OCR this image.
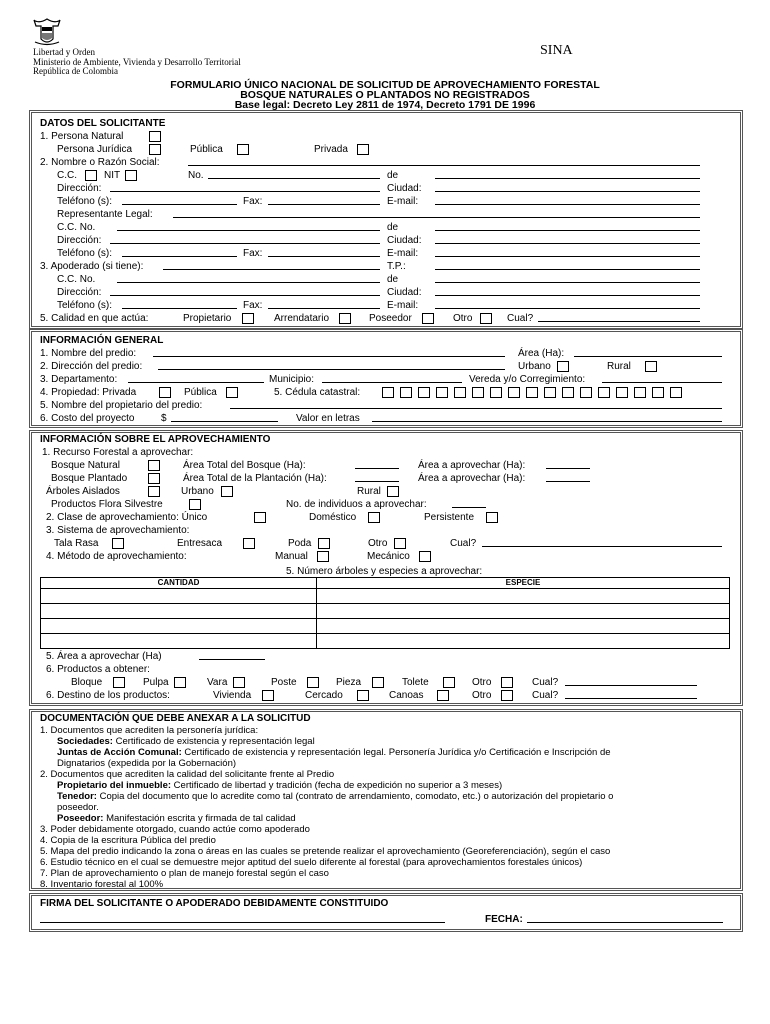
Libertad y Orden
Ministerio de Ambiente, Vivienda y Desarrollo Territorial
República de Colombia
SINA
FORMULARIO ÚNICO NACIONAL DE SOLICITUD DE APROVECHAMIENTO FORESTAL
BOSQUE NATURALES O PLANTADOS NO REGISTRADOS
Base legal: Decreto Ley 2811 de 1974, Decreto 1791 DE 1996
DATOS DEL SOLICITANTE
1. Persona Natural
Persona Jurídica	Pública	Privada
2. Nombre o Razón Social:
C.C.	NIT	No.	de
Dirección:	Ciudad:
Teléfono (s):	Fax:	E-mail:
Representante Legal:
C.C. No.	de
Dirección:	Ciudad:
Teléfono (s):	Fax:	E-mail:
3. Apoderado (si tiene):	T.P.:
C.C. No.	de
Dirección:	Ciudad:
Teléfono (s):	Fax:	E-mail:
5. Calidad en que actúa:	Propietario	Arrendatario	Poseedor	Otro	Cual?
INFORMACIÓN GENERAL
1. Nombre del predio:	Área (Ha):
2. Dirección del predio:	Urbano	Rural
3. Departamento:	Municipio:	Vereda y/o Corregimiento:
4. Propiedad: Privada	Pública	5. Cédula catastral:
5. Nombre del propietario del predio:
6. Costo del proyecto	$	Valor en letras
INFORMACIÓN SOBRE EL APROVECHAMIENTO
1. Recurso Forestal a aprovechar:
Bosque Natural	Área Total del Bosque (Ha):	Área a aprovechar (Ha):
Bosque Plantado	Área Total de la Plantación (Ha):	Área a aprovechar (Ha):
Árboles Aislados	Urbano	Rural
Productos Flora Silvestre	No. de individuos a aprovechar:
2. Clase de aprovechamiento: Único	Doméstico	Persistente
3. Sistema de aprovechamiento:
Tala Rasa	Entresaca	Poda	Otro	Cual?
4. Método de aprovechamiento:	Manual	Mecánico
5. Número árboles y especies a aprovechar:
CANTIDAD	ESPECIE

5. Área a aprovechar (Ha)
6. Productos a obtener:
Bloque	Pulpa	Vara	Poste	Pieza	Tolete	Otro	Cual?
6. Destino de los productos:	Vivienda	Cercado	Canoas	Otro	Cual?
DOCUMENTACIÓN QUE DEBE ANEXAR A LA SOLICITUD
1. Documentos que acrediten la personería jurídica:
Sociedades: Certificado de existencia y representación legal
Juntas de Acción Comunal: Certificado de existencia y representación legal. Personería Jurídica y/o Certificación e Inscripción de
Dignatarios (expedida por la Gobernación)
2. Documentos que acrediten la calidad del solicitante frente al Predio
Propietario del inmueble: Certificado de libertad y tradición (fecha de expedición no superior a 3 meses)
Tenedor: Copia del documento que lo acredite como tal (contrato de arrendamiento, comodato, etc.) o autorización del propietario o
poseedor.
Poseedor: Manifestación escrita y firmada de tal calidad
3. Poder debidamente otorgado, cuando actúe como apoderado
4. Copia de la escritura Pública del predio
5. Mapa del predio indicando la zona o áreas en las cuales se pretende realizar el aprovechamiento (Georeferenciación), según el caso
6. Estudio técnico en el cual se demuestre mejor aptitud del suelo diferente al forestal (para aprovechamientos forestales únicos)
7. Plan de aprovechamiento o plan de manejo forestal según el caso
8. Inventario forestal al 100%
FIRMA DEL SOLICITANTE O APODERADO DEBIDAMENTE CONSTITUIDO
FECHA:
